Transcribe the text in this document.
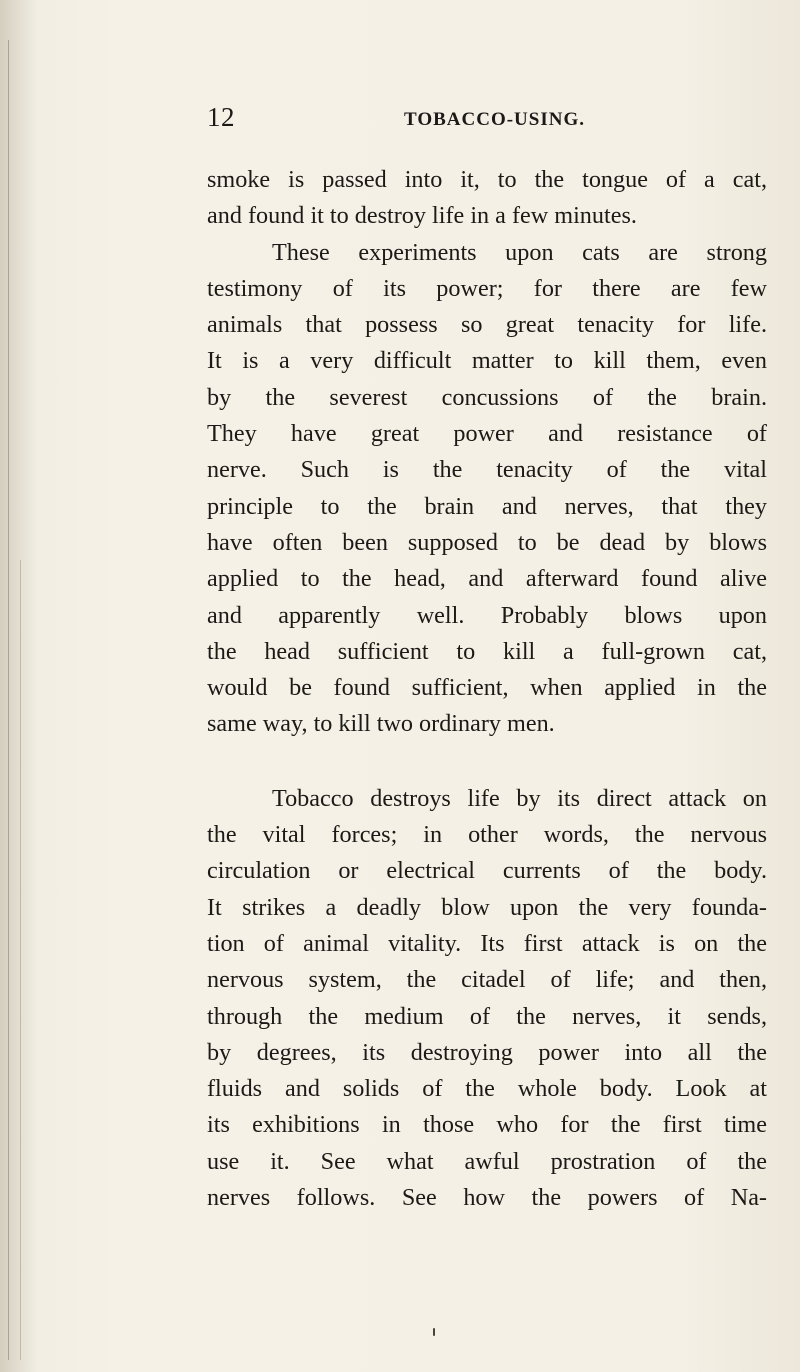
12	TOBACCO-USING.
smoke is passed into it, to the tongue of a cat,
and found it to destroy life in a few minutes.
These experiments upon cats are strong
testimony of its power; for there are few
animals that possess so great tenacity for life.
It is a very difficult matter to kill them, even
by the severest concussions of the brain.
They have great power and resistance of
nerve. Such is the tenacity of the vital
principle to the brain and nerves, that they
have often been supposed to be dead by blows
applied to the head, and afterward found alive
and apparently well. Probably blows upon
the head sufficient to kill a full-grown cat,
would be found sufficient, when applied in the
same way, to kill two ordinary men.
Tobacco destroys life by its direct attack on
the vital forces; in other words, the nervous
circulation or electrical currents of the body.
It strikes a deadly blow upon the very founda-
tion of animal vitality. Its first attack is on the
nervous system, the citadel of life; and then,
through the medium of the nerves, it sends,
by degrees, its destroying power into all the
fluids and solids of the whole body. Look at
its exhibitions in those who for the first time
use it. See what awful prostration of the
nerves follows. See how the powers of Na-
